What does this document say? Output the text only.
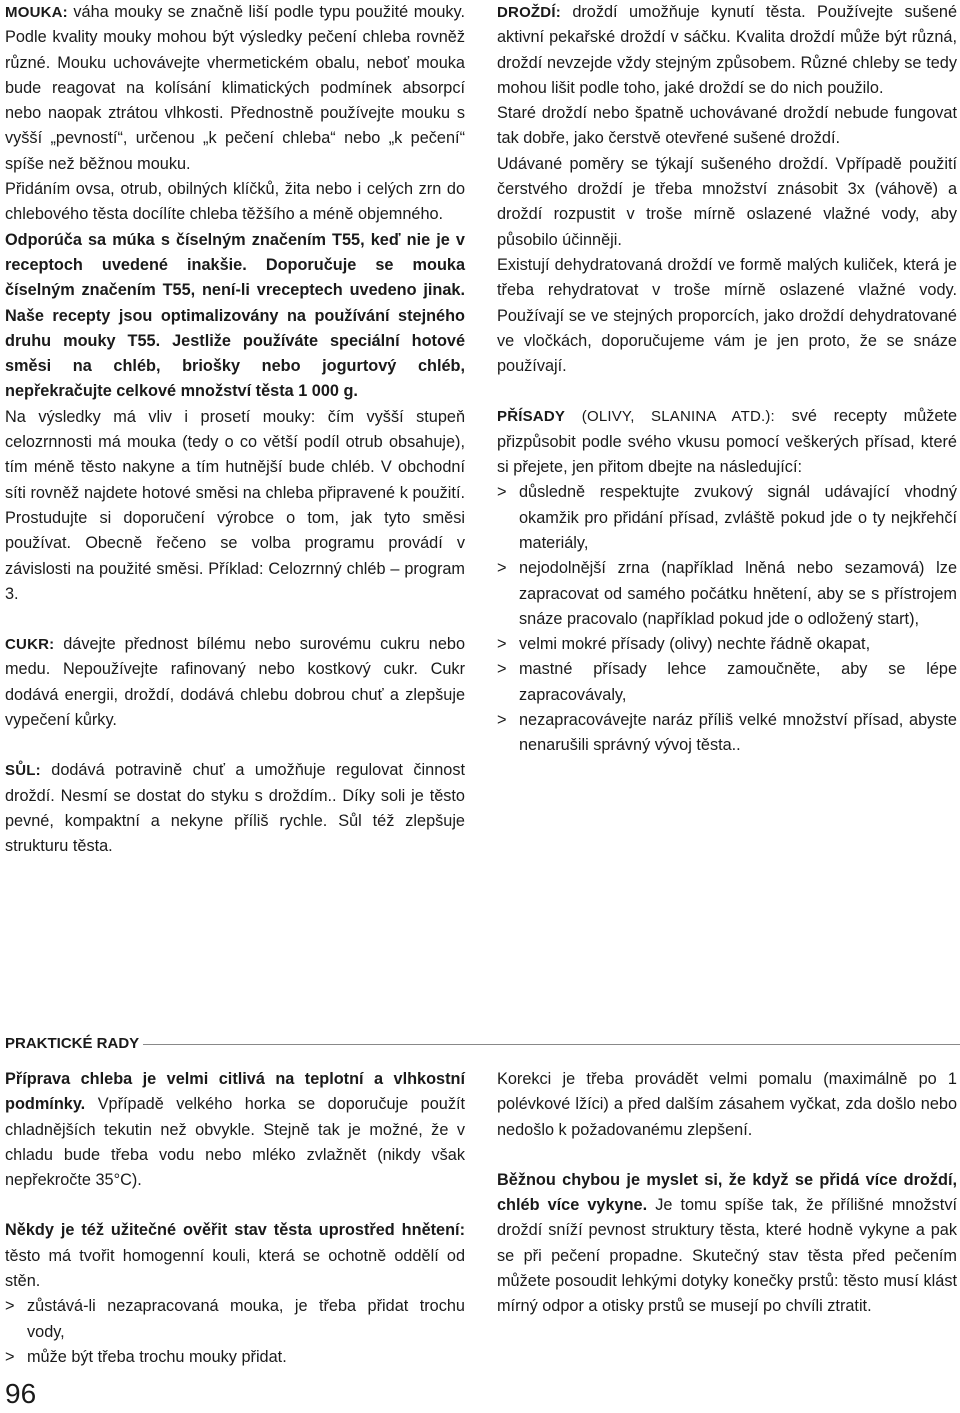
MOUKA: váha mouky se značně liší podle typu použité mouky. Podle kvality mouky mohou být výsledky pečení chleba rovněž různé. Mouku uchovávejte vhermetickém obalu, neboť mouka bude reagovat na kolísání klimatických podmínek absorpcí nebo naopak ztrátou vlhkosti. Přednostně používejte mouku s vyšší „pevností“, určenou „k pečení chleba“ nebo „k pečení“ spíše než běžnou mouku.

Přidáním ovsa, otrub, obilných klíčků, žita nebo i celých zrn do chlebového těsta docílíte chleba těžšího a méně objemného.

Odporúča sa múka s číselným značením T55, keď nie je v receptoch uvedené inakšie. Doporučuje se mouka číselným značením T55, není-li vreceptech uvedeno jinak. Naše recepty jsou optimalizovány na používání stejného druhu mouky T55. Jestliže používáte speciální hotové směsi na chléb, briošky nebo jogurtový chléb, nepřekračujte celkové množství těsta 1 000 g.

Na výsledky má vliv i prosetí mouky: čím vyšší stupeň celozrnnosti má mouka (tedy o co větší podíl otrub obsahuje), tím méně těsto nakyne a tím hutnější bude chléb. V obchodní síti rovněž najdete hotové směsi na chleba připravené k použití. Prostudujte si doporučení výrobce o tom, jak tyto směsi používat. Obecně řečeno se volba programu provádí v závislosti na použité směsi. Příklad: Celozrnný chléb – program 3.

CUKR: dávejte přednost bílému nebo surovému cukru nebo medu. Nepoužívejte rafinovaný nebo kostkový cukr. Cukr dodává energii, droždí, dodává chlebu dobrou chuť a zlepšuje vypečení kůrky.

SŮL: dodává potravině chuť a umožňuje regulovat činnost droždí. Nesmí se dostat do styku s droždím.. Díky soli je těsto pevné, kompaktní a nekyne příliš rychle. Sůl též zlepšuje strukturu těsta.

DROŽDÍ: droždí umožňuje kynutí těsta. Používejte sušené aktivní pekařské droždí v sáčku. Kvalita droždí může být různá, droždí nevzejde vždy stejným způsobem. Různé chleby se tedy mohou lišit podle toho, jaké droždí se do nich použilo.

Staré droždí nebo špatně uchovávané droždí nebude fungovat tak dobře, jako čerstvě otevřené sušené droždí.

Udávané poměry se týkají sušeného droždí. Vpřípadě použití čerstvého droždí je třeba množství znásobit 3x (váhově) a droždí rozpustit v troše mírně oslazené vlažné vody, aby působilo účinněji.

Existují dehydratovaná droždí ve formě malých kuliček, která je třeba rehydratovat v troše mírně oslazené vlažné vody. Používají se ve stejných proporcích, jako droždí dehydratované ve vločkách, doporučujeme vám je jen proto, že se snáze používají.

PŘÍSADY (OLIVY, SLANINA ATD.): své recepty můžete přizpůsobit podle svého vkusu pomocí veškerých přísad, které si přejete, jen přitom dbejte na následující:

> důsledně respektujte zvukový signál udávající vhodný okamžik pro přidání přísad, zvláště pokud jde o ty nejkřehčí materiály,
> nejodolnější zrna (například lněná nebo sezamová) lze zapracovat od samého počátku hnětení, aby se s přístrojem snáze pracovalo (například pokud jde o odložený start),
> velmi mokré přísady (olivy) nechte řádně okapat,
> mastné přísady lehce zamoučněte, aby se lépe zapracovávaly,
> nezapracovávejte naráz příliš velké množství přísad, abyste nenarušili správný vývoj těsta..
PRAKTICKÉ RADY

Příprava chleba je velmi citlivá na teplotní a vlhkostní podmínky. Vpřípadě velkého horka se doporučuje použít chladnějších tekutin než obvykle. Stejně tak je možné, že v chladu bude třeba vodu nebo mléko zvlažnět (nikdy však nepřekročte 35°C).

Někdy je též užitečné ověřit stav těsta uprostřed hnětení: těsto má tvořit homogenní kouli, která se ochotně oddělí od stěn.

> zůstává-li nezapracovaná mouka, je třeba přidat trochu vody,
> může být třeba trochu mouky přidat.

Korekci je třeba provádět velmi pomalu (maximálně po 1 polévkové lžíci) a před dalším zásahem vyčkat, zda došlo nebo nedošlo k požadovanému zlepšení.

Běžnou chybou je myslet si, že když se přidá více droždí, chléb více vykyne. Je tomu spíše tak, že přílišné množství droždí sníží pevnost struktury těsta, které hodně vykyne a pak se při pečení propadne. Skutečný stav těsta před pečením můžete posoudit lehkými dotyky konečky prstů: těsto musí klást mírný odpor a otisky prstů se musejí po chvíli ztratit.

96
